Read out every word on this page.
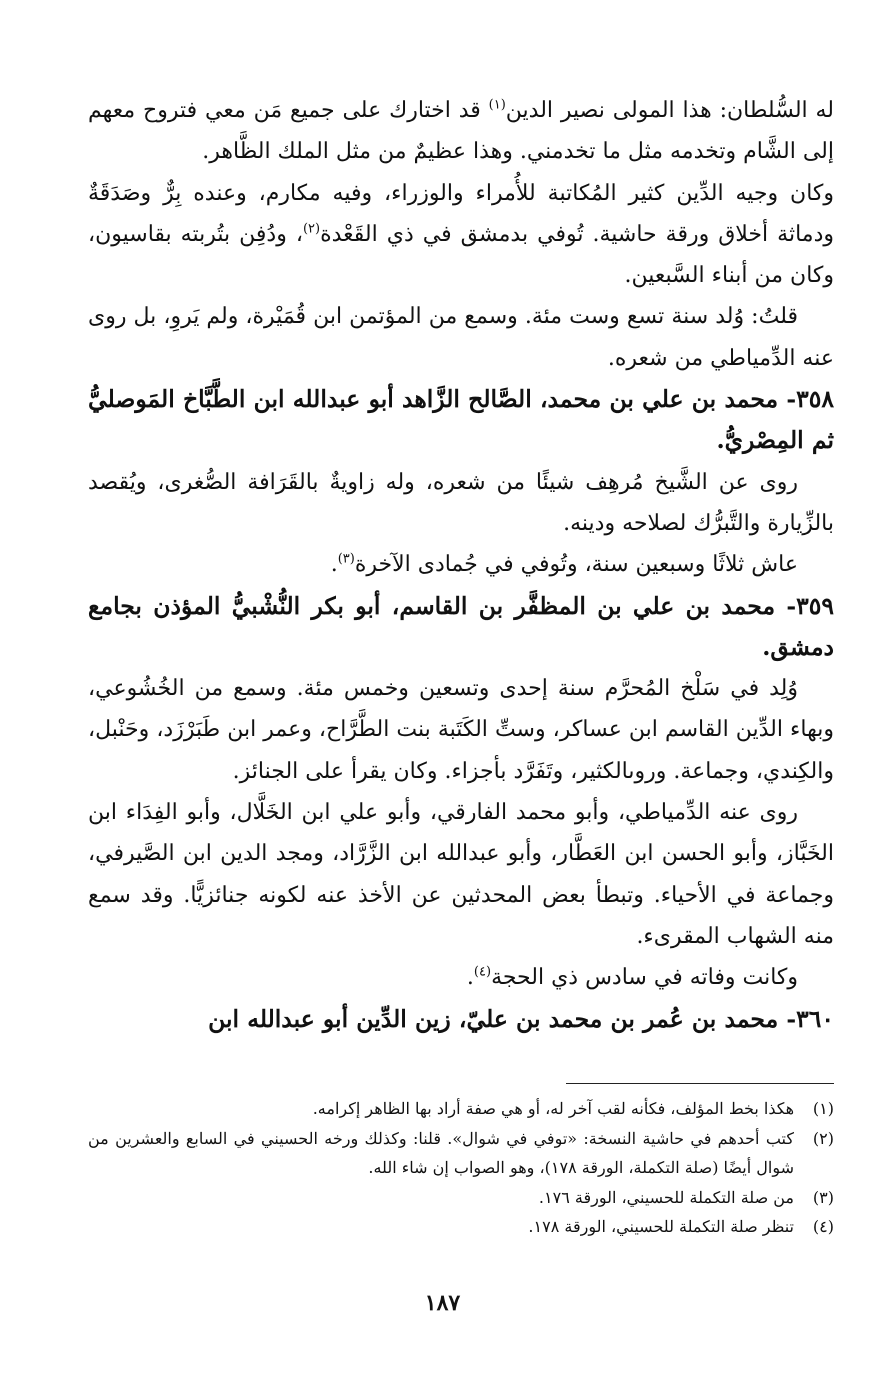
له السُّلطان: هذا المولى نصير الدين$^{(١)}$ قد اختارك على جميع مَن معي فتروح معهم إلى الشَّام وتخدمه مثل ما تخدمني. وهذا عظيمٌ من مثل الملك الظَّاهر.

وكان وجيه الدِّين كثير المُكاتبة للأُمراء والوزراء، وفيه مكارم، وعنده بِرٌّ وصَدَقَةٌ ودماثة أخلاق ورقة حاشية. تُوفي بدمشق في ذي القَعْدة$^{(٢)}$، ودُفِن بتُربته بقاسيون، وكان من أبناء السَّبعين.

قلتُ: وُلد سنة تسع وست مئة. وسمع من المؤتمن ابن قُمَيْرة، ولم يَروِ، بل روى عنه الدِّمياطي من شعره.

٣٥٨- محمد بن علي بن محمد، الصَّالح الزَّاهد أبو عبدالله ابن الطَّبَّاخ المَوصليُّ ثم المِصْريُّ.

روى عن الشَّيخ مُرهِف شيئًا من شعره، وله زاويةٌ بالقَرَافة الصُّغرى، ويُقصد بالزِّيارة والتَّبرُّك لصلاحه ودينه.

عاش ثلاثًا وسبعين سنة، وتُوفي في جُمادى الآخرة$^{(٣)}$.

٣٥٩- محمد بن علي بن المظفَّر بن القاسم، أبو بكر النُّشْبيُّ المؤذن بجامع دمشق.

وُلِد في سَلْخ المُحرَّم سنة إحدى وتسعين وخمس مئة. وسمع من الخُشُوعي، وبهاء الدِّين القاسم ابن عساكر، وستِّ الكَتَبة بنت الطَّرَّاح، وعمر ابن طَبَرْزَد، وحَنْبل، والكِندي، وجماعة. وروىالكثير، وتَفَرَّد بأجزاء. وكان يقرأ على الجنائز.

روى عنه الدِّمياطي، وأبو محمد الفارقي، وأبو علي ابن الخَلَّال، وأبو الفِدَاء ابن الخَبَّاز، وأبو الحسن ابن العَطَّار، وأبو عبدالله ابن الزَّرَّاد، ومجد الدين ابن الصَّيرفي، وجماعة في الأحياء. وتبطأ بعض المحدثين عن الأخذ عنه لكونه جنائزيًّا. وقد سمع منه الشهاب المقرىء.

وكانت وفاته في سادس ذي الحجة$^{(٤)}$.

٣٦٠- محمد بن عُمر بن محمد بن عليّ، زين الدِّين أبو عبدالله ابن
(١)
هكذا بخط المؤلف، فكأنه لقب آخر له، أو هي صفة أراد بها الظاهر إكرامه.
(٢)
كتب أحدهم في حاشية النسخة: «توفي في شوال». قلنا: وكذلك ورخه الحسيني في السابع والعشرين من شوال أيضًا (صلة التكملة، الورقة ١٧٨)، وهو الصواب إن شاء الله.
(٣)
من صلة التكملة للحسيني، الورقة ١٧٦.
(٤)
تنظر صلة التكملة للحسيني، الورقة ١٧٨.
١٨٧
